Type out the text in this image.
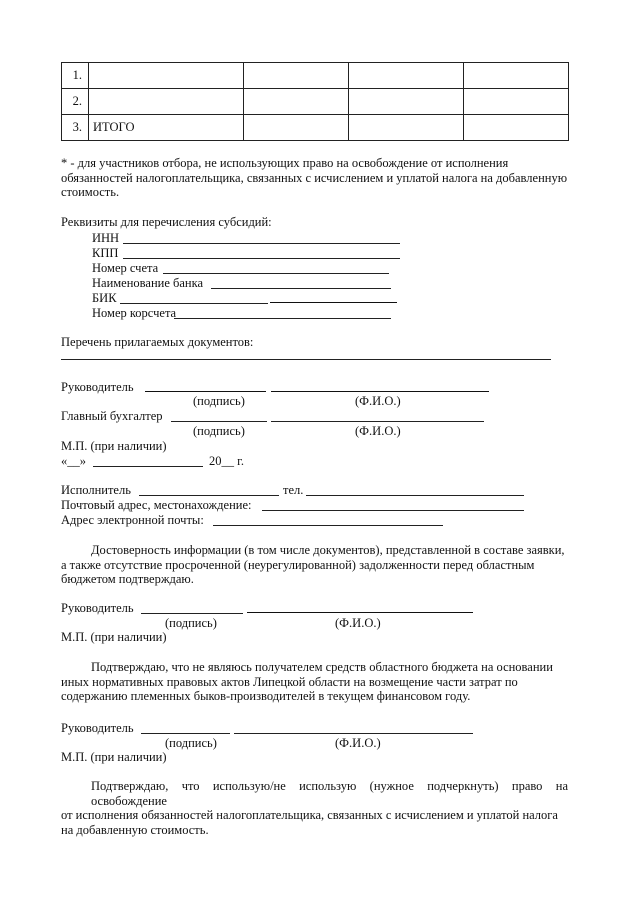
1.				
2.				
3.	ИТОГО			
* - для участников отбора, не использующих право на освобождение от исполнения
обязанностей налогоплательщика, связанных с исчислением и уплатой налога на добавленную
стоимость.
Реквизиты для перечисления субсидий:
ИНН
КПП
Номер счета
Наименование банка
БИК
Номер корсчета
Перечень прилагаемых документов:
Руководитель
(подпись)	(Ф.И.О.)
Главный бухгалтер
(подпись)	(Ф.И.О.)
М.П. (при наличии)
«__»	20__ г.
Исполнитель	тел.
Почтовый адрес, местонахождение:
Адрес электронной почты:
Достоверность информации (в том числе документов), представленной в составе заявки,
а также отсутствие просроченной (неурегулированной) задолженности перед областным
бюджетом подтверждаю.
Руководитель
(подпись)	(Ф.И.О.)
М.П. (при наличии)
Подтверждаю, что не являюсь получателем средств областного бюджета на основании
иных нормативных правовых актов Липецкой области на возмещение части затрат по
содержанию племенных быков-производителей в текущем финансовом году.
Руководитель
(подпись)	(Ф.И.О.)
М.П. (при наличии)
Подтверждаю, что использую/не использую (нужное подчеркнуть) право на освобождение
от исполнения обязанностей налогоплательщика, связанных с исчислением и уплатой налога
на добавленную стоимость.
